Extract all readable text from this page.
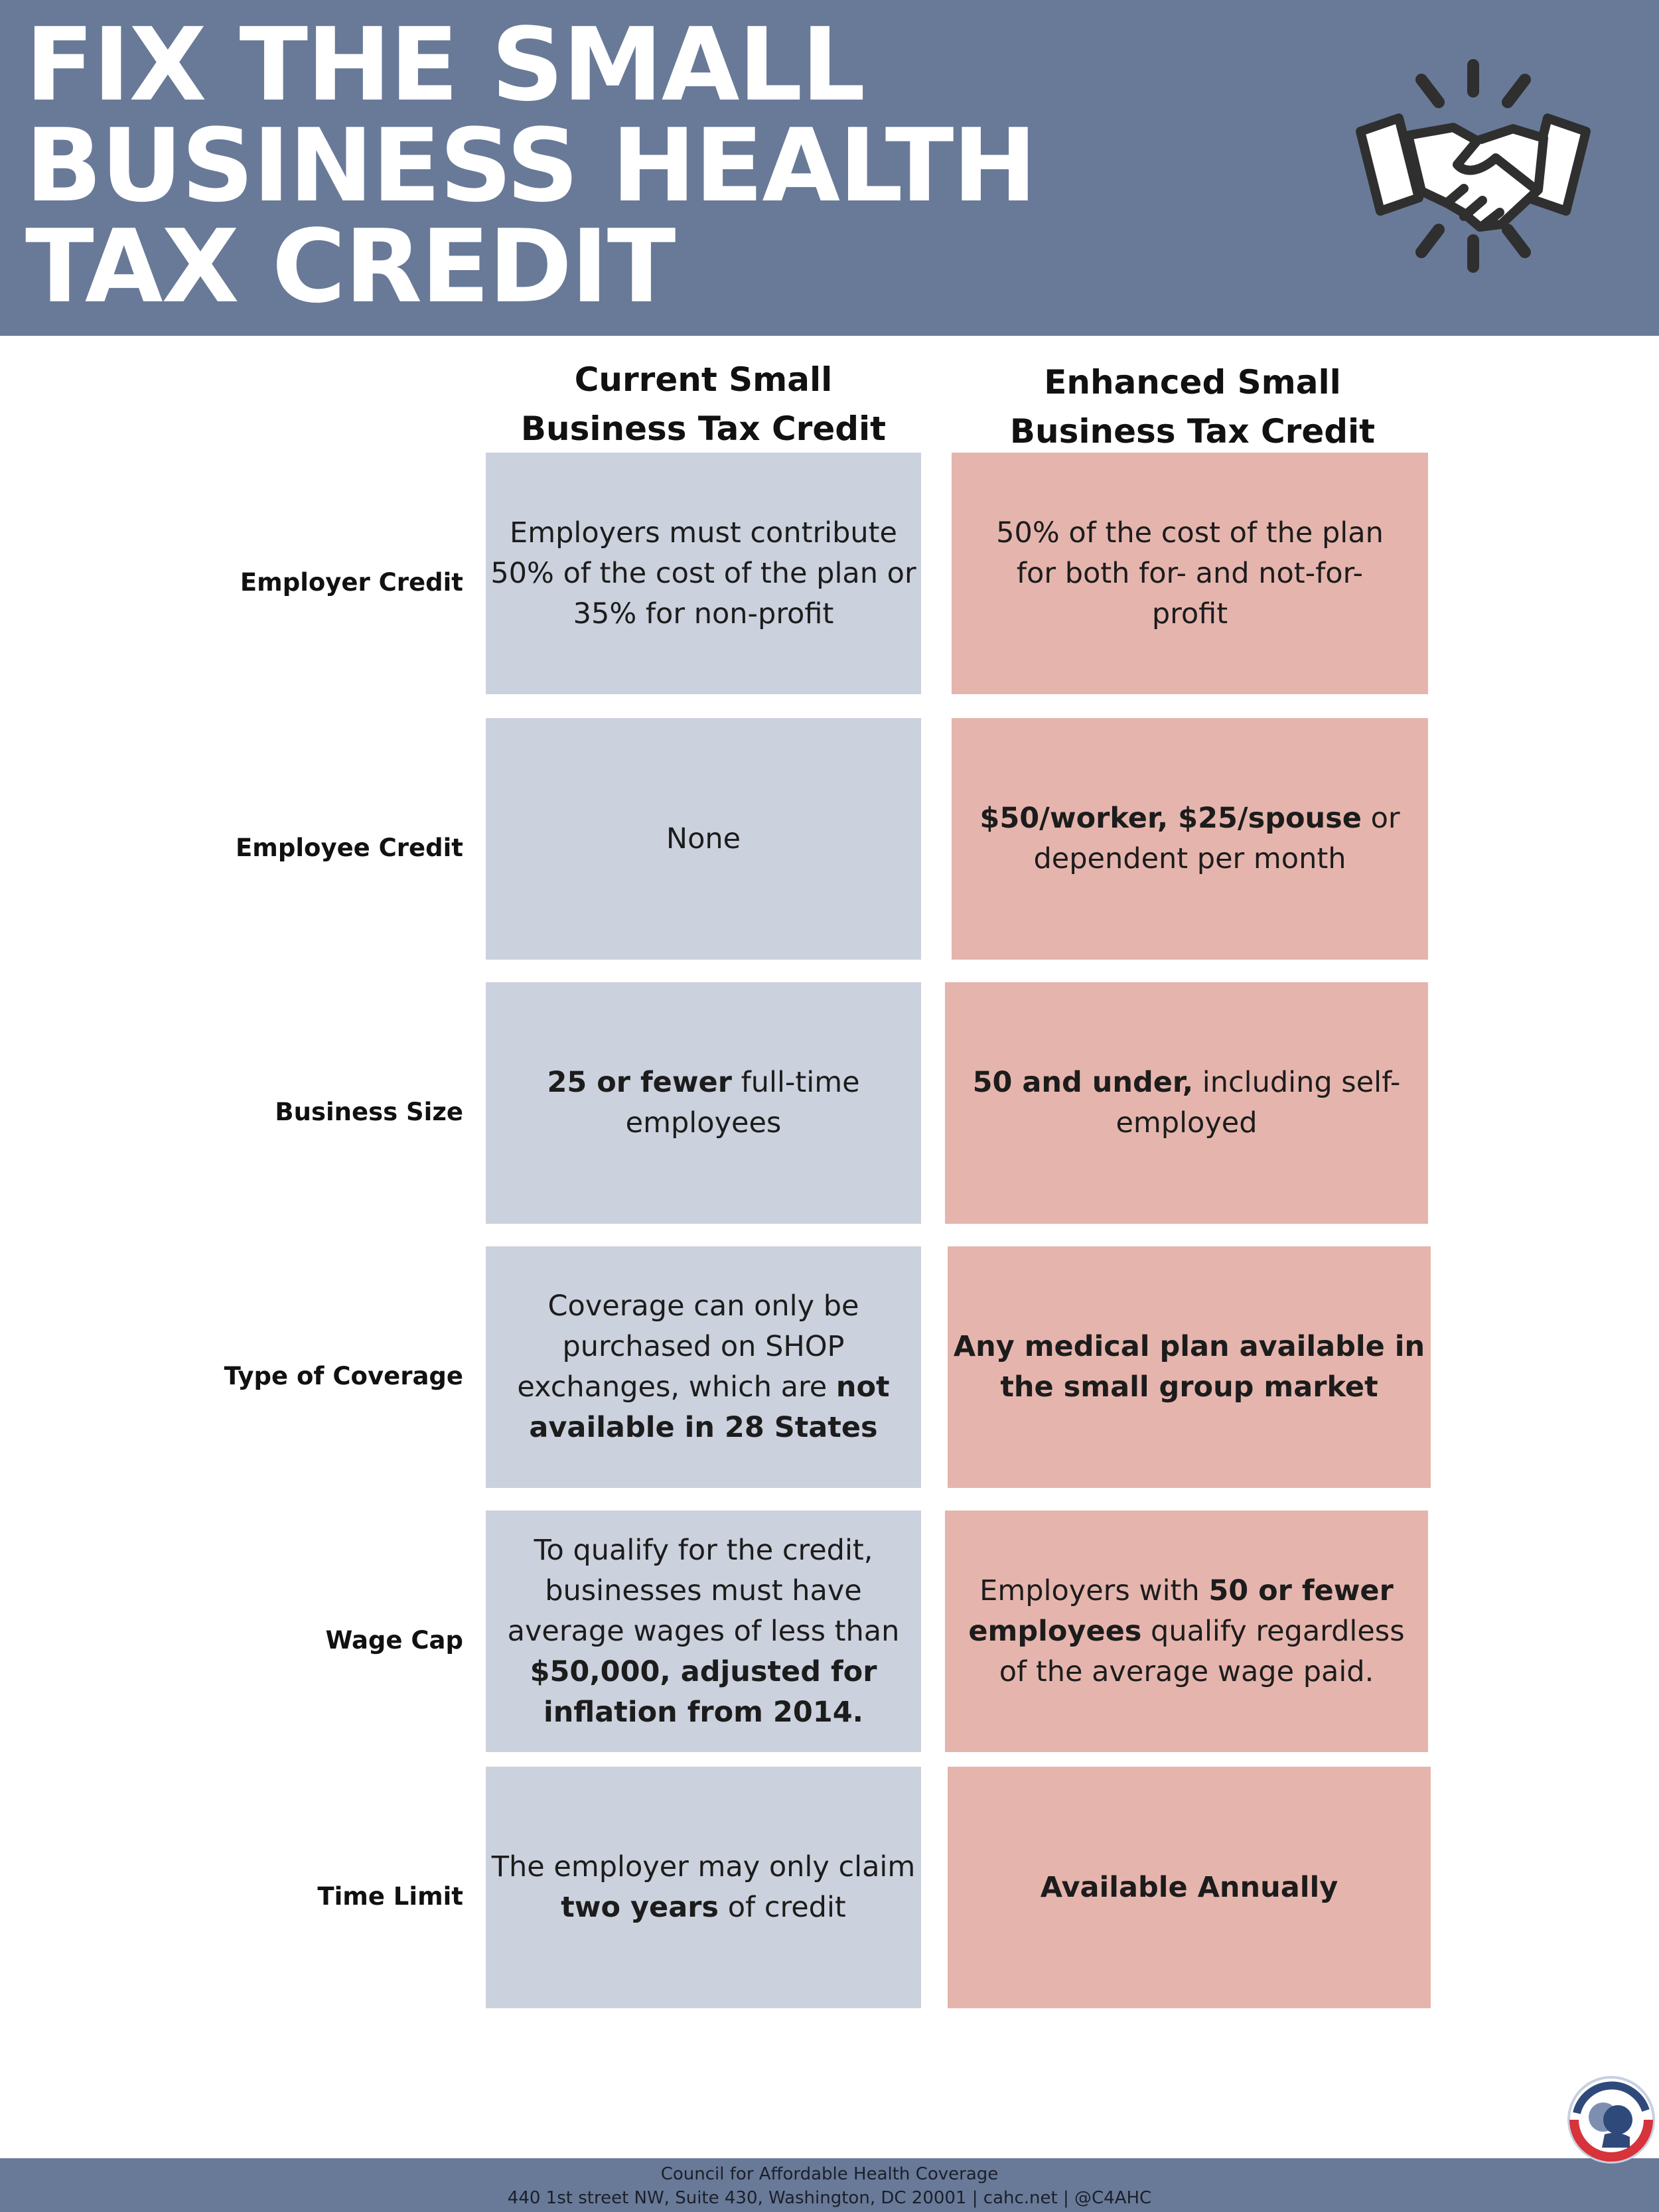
FIX THE SMALL
BUSINESS HEALTH
TAX CREDIT
Current Small
Business Tax Credit
Enhanced Small
Business Tax Credit
Employer Credit

Employers must contribute
50% of the cost of the plan or
35% for non-profit

50% of the cost of the plan
for both for- and not-for-
profit

Employee Credit	None

$50/worker, $25/spouse or
dependent per month

Business Size

25 or fewer full-time
employees

50 and under, including self-
employed

Type of Coverage

Coverage can only be
purchased on SHOP
exchanges, which are not
available in 28 States

Any medical plan available in
the small group market

Wage Cap

To qualify for the credit,
businesses must have
average wages of less than
$50,000, adjusted for
inflation from 2014.

Employers with 50 or fewer
employees qualify regardless
of the average wage paid.

Time Limit

The employer may only claim
two years of credit

Available Annually

Council for Affordable Health Coverage
440 1st street NW, Suite 430, Washington, DC 20001 | cahc.net | @C4AHC
